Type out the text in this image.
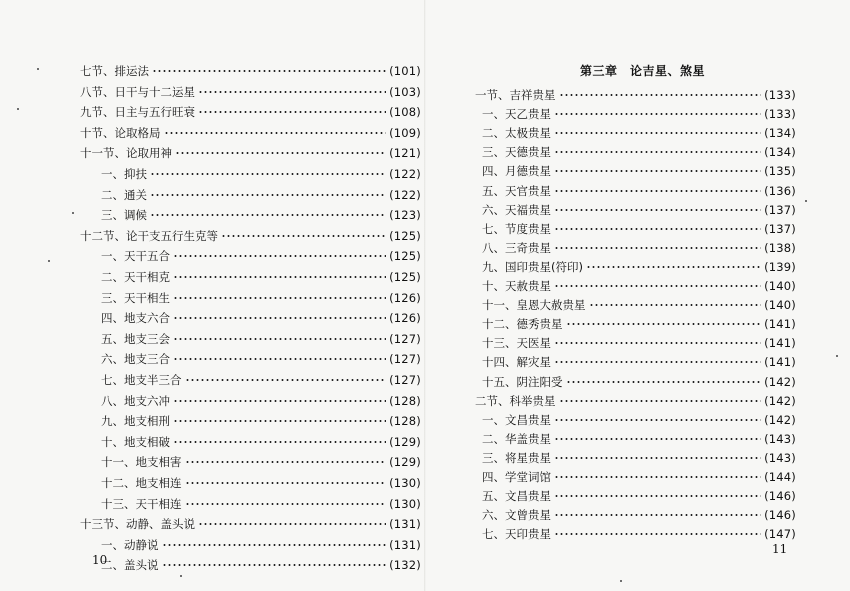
七节、排运法	(101)
八节、日干与十二运星	(103)
九节、日主与五行旺衰	(108)
十节、论取格局	(109)
十一节、论取用神	(121)
一、抑扶	(122)
二、通关	(122)
三、调候	(123)
十二节、论干支五行生克等	(125)
一、天干五合	(125)
二、天干相克	(125)
三、天干相生	(126)
四、地支六合	(126)
五、地支三会	(127)
六、地支三合	(127)
七、地支半三合	(127)
八、地支六冲	(128)
九、地支相刑	(128)
十、地支相破	(129)
十一、地支相害	(129)
十二、地支相连	(130)
十三、天干相连	(130)
十三节、动静、盖头说	(131)
一、动静说	(131)
二、盖头说	(132)
10
第三章　论吉星、煞星
一节、吉祥贵星	(133)
一、天乙贵星	(133)
二、太极贵星	(134)
三、天德贵星	(134)
四、月德贵星	(135)
五、天官贵星	(136)
六、天福贵星	(137)
七、节度贵星	(137)
八、三奇贵星	(138)
九、国印贵星(符印)	(139)
十、天赦贵星	(140)
十一、皇恩大赦贵星	(140)
十二、德秀贵星	(141)
十三、天医星	(141)
十四、解灾星	(141)
十五、阴注阳受	(142)
二节、科举贵星	(142)
一、文昌贵星	(142)
二、华盖贵星	(143)
三、将星贵星	(143)
四、学堂词馆	(144)
五、文昌贵星	(146)
六、文曾贵星	(146)
七、天印贵星	(147)
11
